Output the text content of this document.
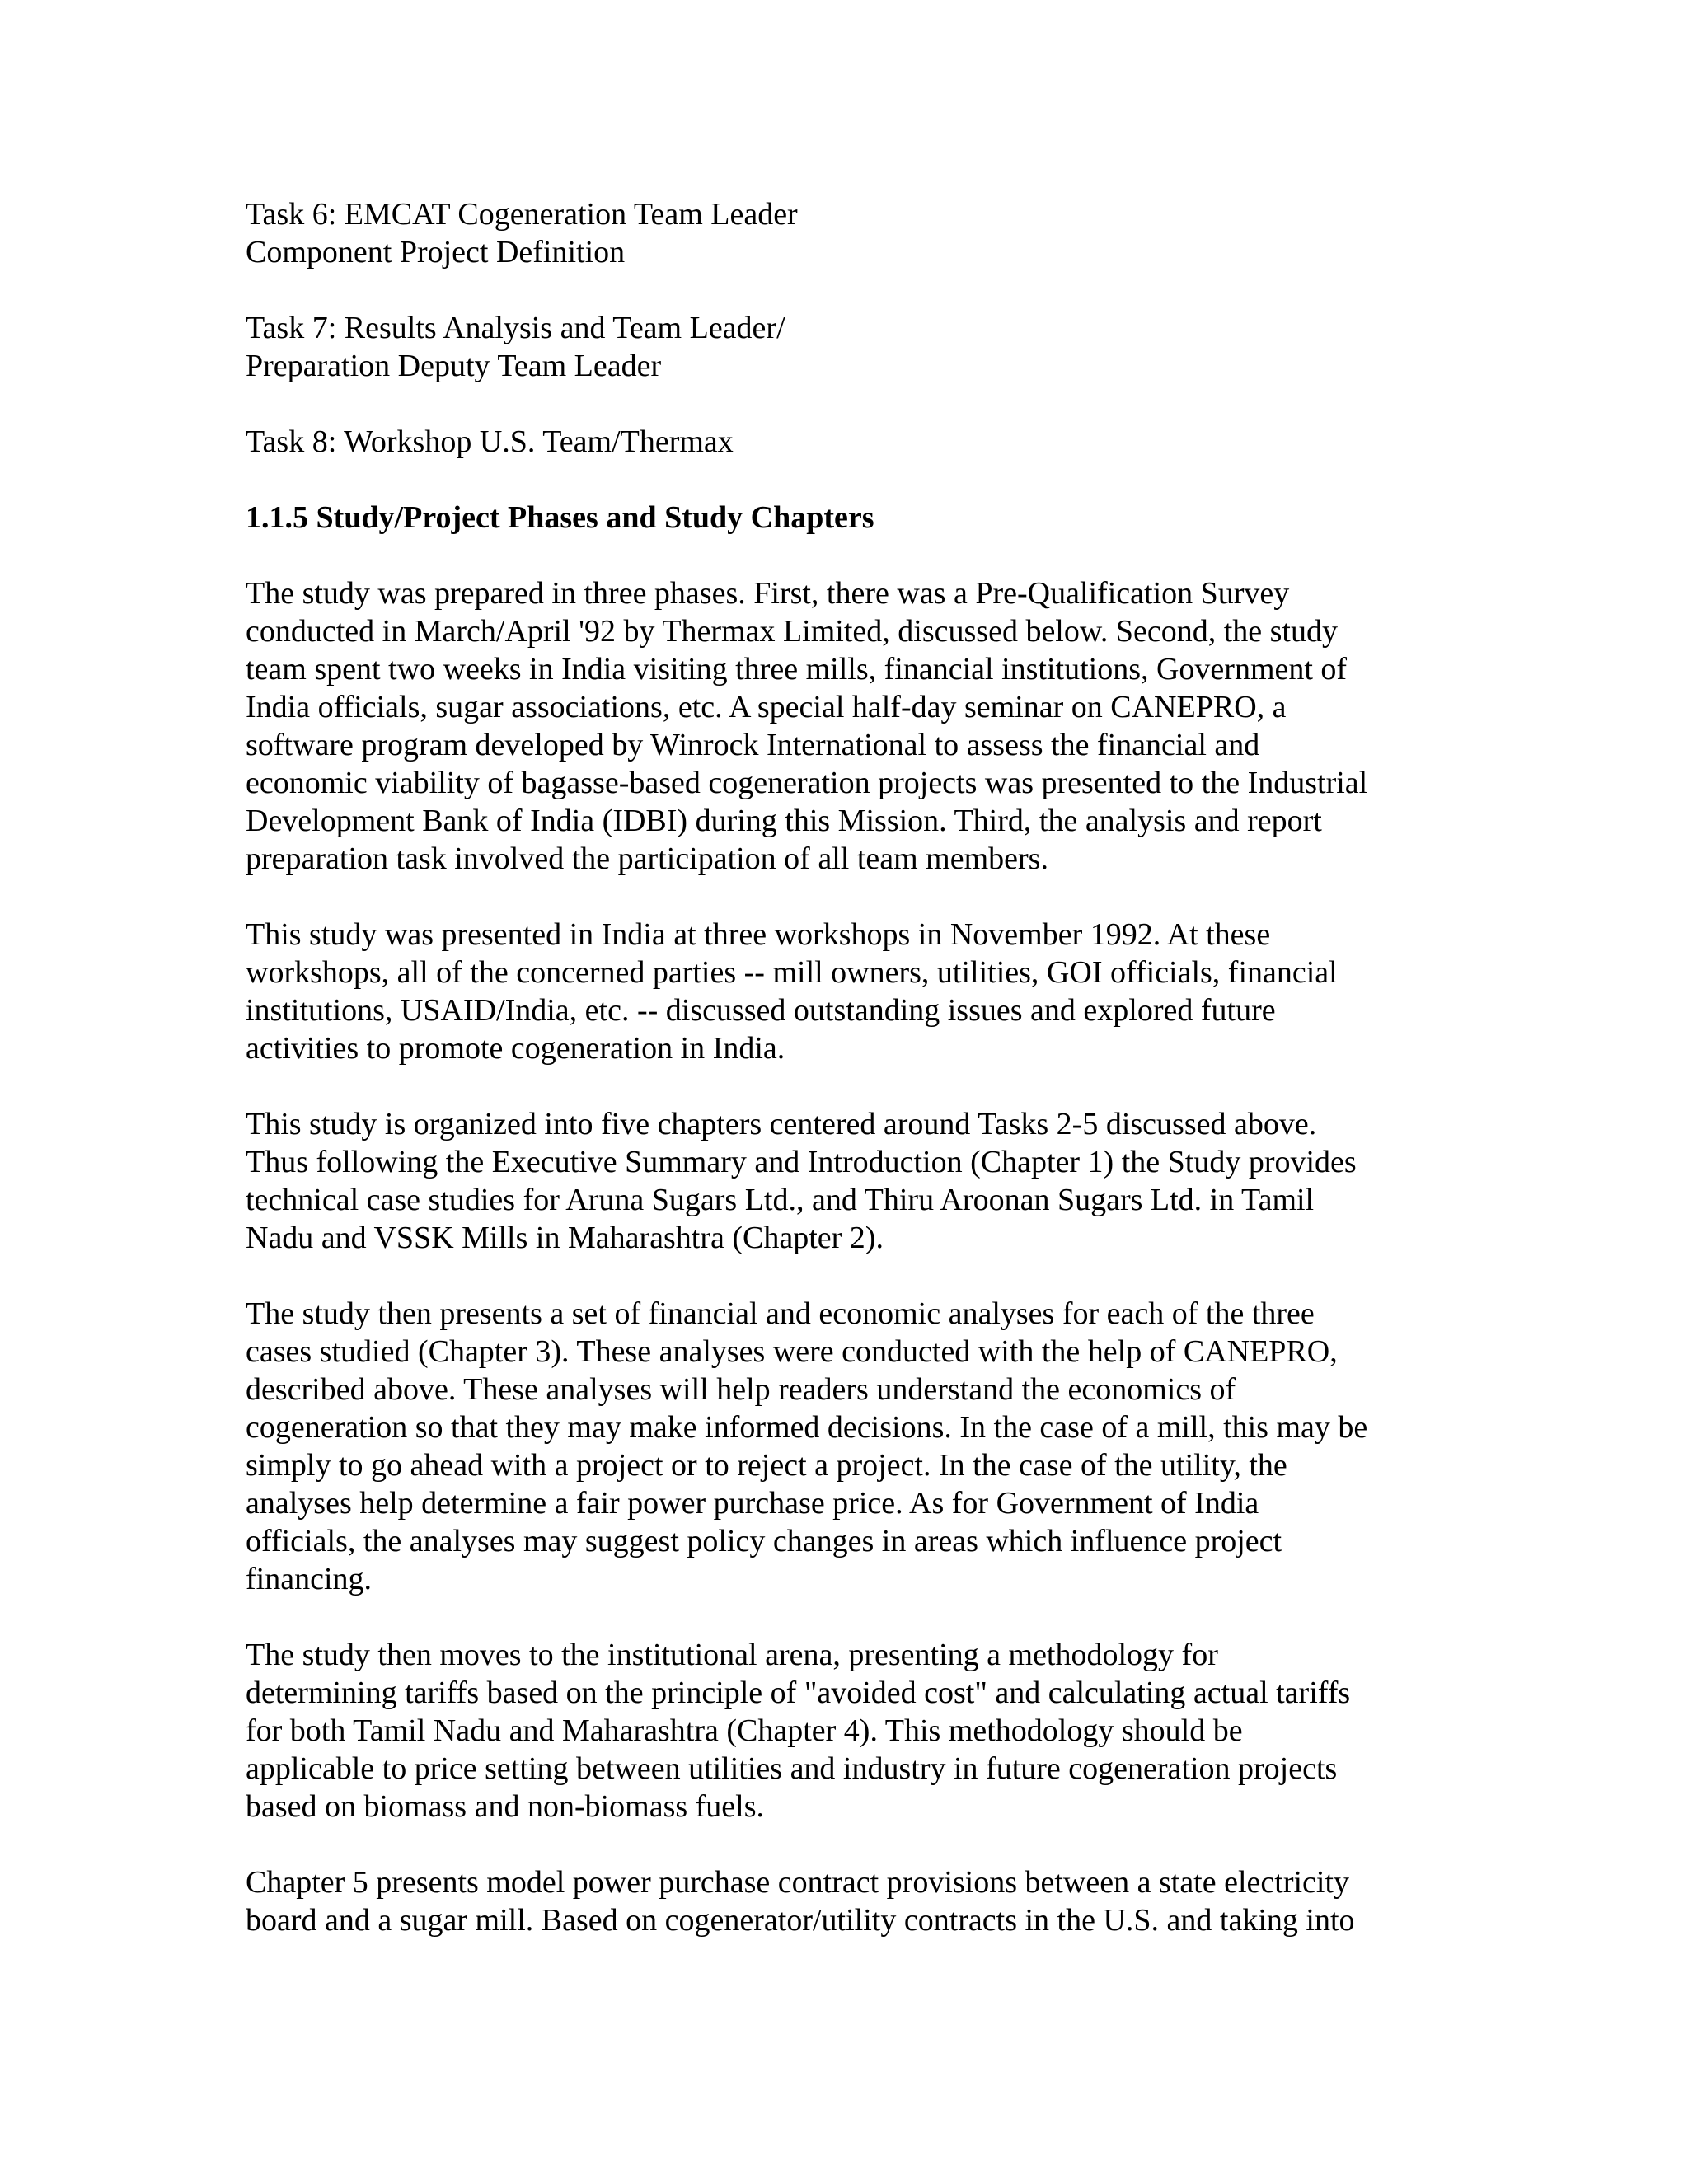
Task 6: EMCAT Cogeneration Team Leader
Component Project Definition
Task 7: Results Analysis and Team Leader/
Preparation Deputy Team Leader
Task 8: Workshop U.S. Team/Thermax
1.1.5 Study/Project Phases and Study Chapters
The study was prepared in three phases. First, there was a Pre-Qualification Survey
conducted in March/April '92 by Thermax Limited, discussed below. Second, the study
team spent two weeks in India visiting three mills, financial institutions, Government of
India officials, sugar associations, etc. A special half-day seminar on CANEPRO, a
software program developed by Winrock International to assess the financial and
economic viability of bagasse-based cogeneration projects was presented to the Industrial
Development Bank of India (IDBI) during this Mission. Third, the analysis and report
preparation task involved the participation of all team members.
This study was presented in India at three workshops in November 1992. At these
workshops, all of the concerned parties -- mill owners, utilities, GOI officials, financial
institutions, USAID/India, etc. -- discussed outstanding issues and explored future
activities to promote cogeneration in India.
This study is organized into five chapters centered around Tasks 2-5 discussed above.
Thus following the Executive Summary and Introduction (Chapter 1) the Study provides
technical case studies for Aruna Sugars Ltd., and Thiru Aroonan Sugars Ltd. in Tamil
Nadu and VSSK Mills in Maharashtra (Chapter 2).
The study then presents a set of financial and economic analyses for each of the three
cases studied (Chapter 3). These analyses were conducted with the help of CANEPRO,
described above. These analyses will help readers understand the economics of
cogeneration so that they may make informed decisions. In the case of a mill, this may be
simply to go ahead with a project or to reject a project. In the case of the utility, the
analyses help determine a fair power purchase price. As for Government of India
officials, the analyses may suggest policy changes in areas which influence project
financing.
The study then moves to the institutional arena, presenting a methodology for
determining tariffs based on the principle of "avoided cost" and calculating actual tariffs
for both Tamil Nadu and Maharashtra (Chapter 4). This methodology should be
applicable to price setting between utilities and industry in future cogeneration projects
based on biomass and non-biomass fuels.
Chapter 5 presents model power purchase contract provisions between a state electricity
board and a sugar mill. Based on cogenerator/utility contracts in the U.S. and taking into
